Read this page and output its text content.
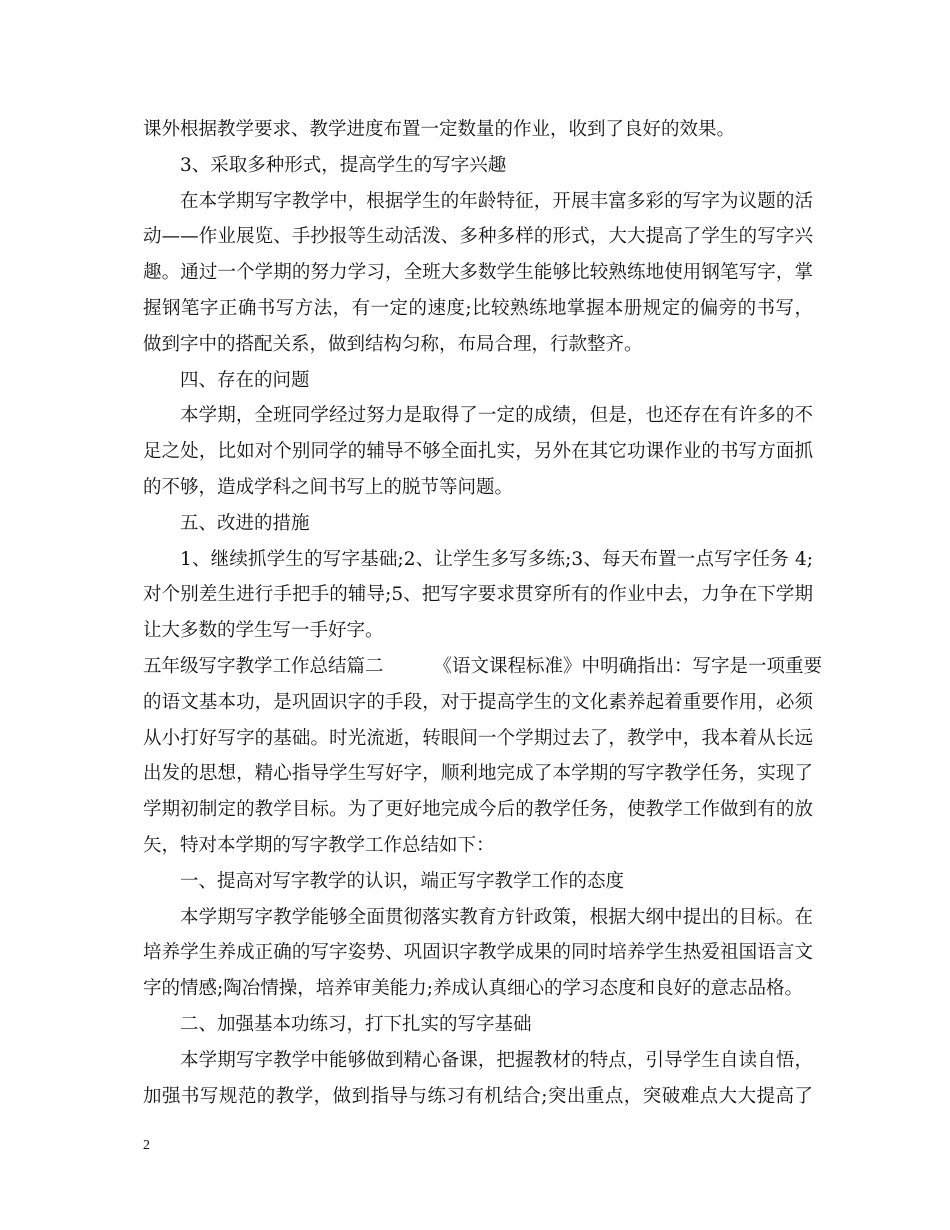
课外根据教学要求、教学进度布置一定数量的作业，收到了良好的效果。
3、采取多种形式，提高学生的写字兴趣
在本学期写字教学中，根据学生的年龄特征，开展丰富多彩的写字为议题的活
动——作业展览、手抄报等生动活泼、多种多样的形式，大大提高了学生的写字兴
趣。通过一个学期的努力学习，全班大多数学生能够比较熟练地使用钢笔写字，掌
握钢笔字正确书写方法，有一定的速度;比较熟练地掌握本册规定的偏旁的书写，
做到字中的搭配关系，做到结构匀称，布局合理，行款整齐。
四、存在的问题
本学期，全班同学经过努力是取得了一定的成绩，但是，也还存在有许多的不
足之处，比如对个别同学的辅导不够全面扎实，另外在其它功课作业的书写方面抓
的不够，造成学科之间书写上的脱节等问题。
五、改进的措施
1、继续抓学生的写字基础;2、让学生多写多练;3、每天布置一点写字任务 4;
对个别差生进行手把手的辅导;5、把写字要求贯穿所有的作业中去，力争在下学期
让大多数的学生写一手好字。
五年级写字教学工作总结篇二	《语文课程标准》中明确指出：写字是一项重要
的语文基本功，是巩固识字的手段，对于提高学生的文化素养起着重要作用，必须
从小打好写字的基础。时光流逝，转眼间一个学期过去了，教学中，我本着从长远
出发的思想，精心指导学生写好字，顺利地完成了本学期的写字教学任务，实现了
学期初制定的教学目标。为了更好地完成今后的教学任务，使教学工作做到有的放
矢，特对本学期的写字教学工作总结如下：
一、提高对写字教学的认识，端正写字教学工作的态度
本学期写字教学能够全面贯彻落实教育方针政策，根据大纲中提出的目标。在
培养学生养成正确的写字姿势、巩固识字教学成果的同时培养学生热爱祖国语言文
字的情感;陶冶情操，培养审美能力;养成认真细心的学习态度和良好的意志品格。
二、加强基本功练习，打下扎实的写字基础
本学期写字教学中能够做到精心备课，把握教材的特点，引导学生自读自悟，
加强书写规范的教学，做到指导与练习有机结合;突出重点，突破难点大大提高了
2
